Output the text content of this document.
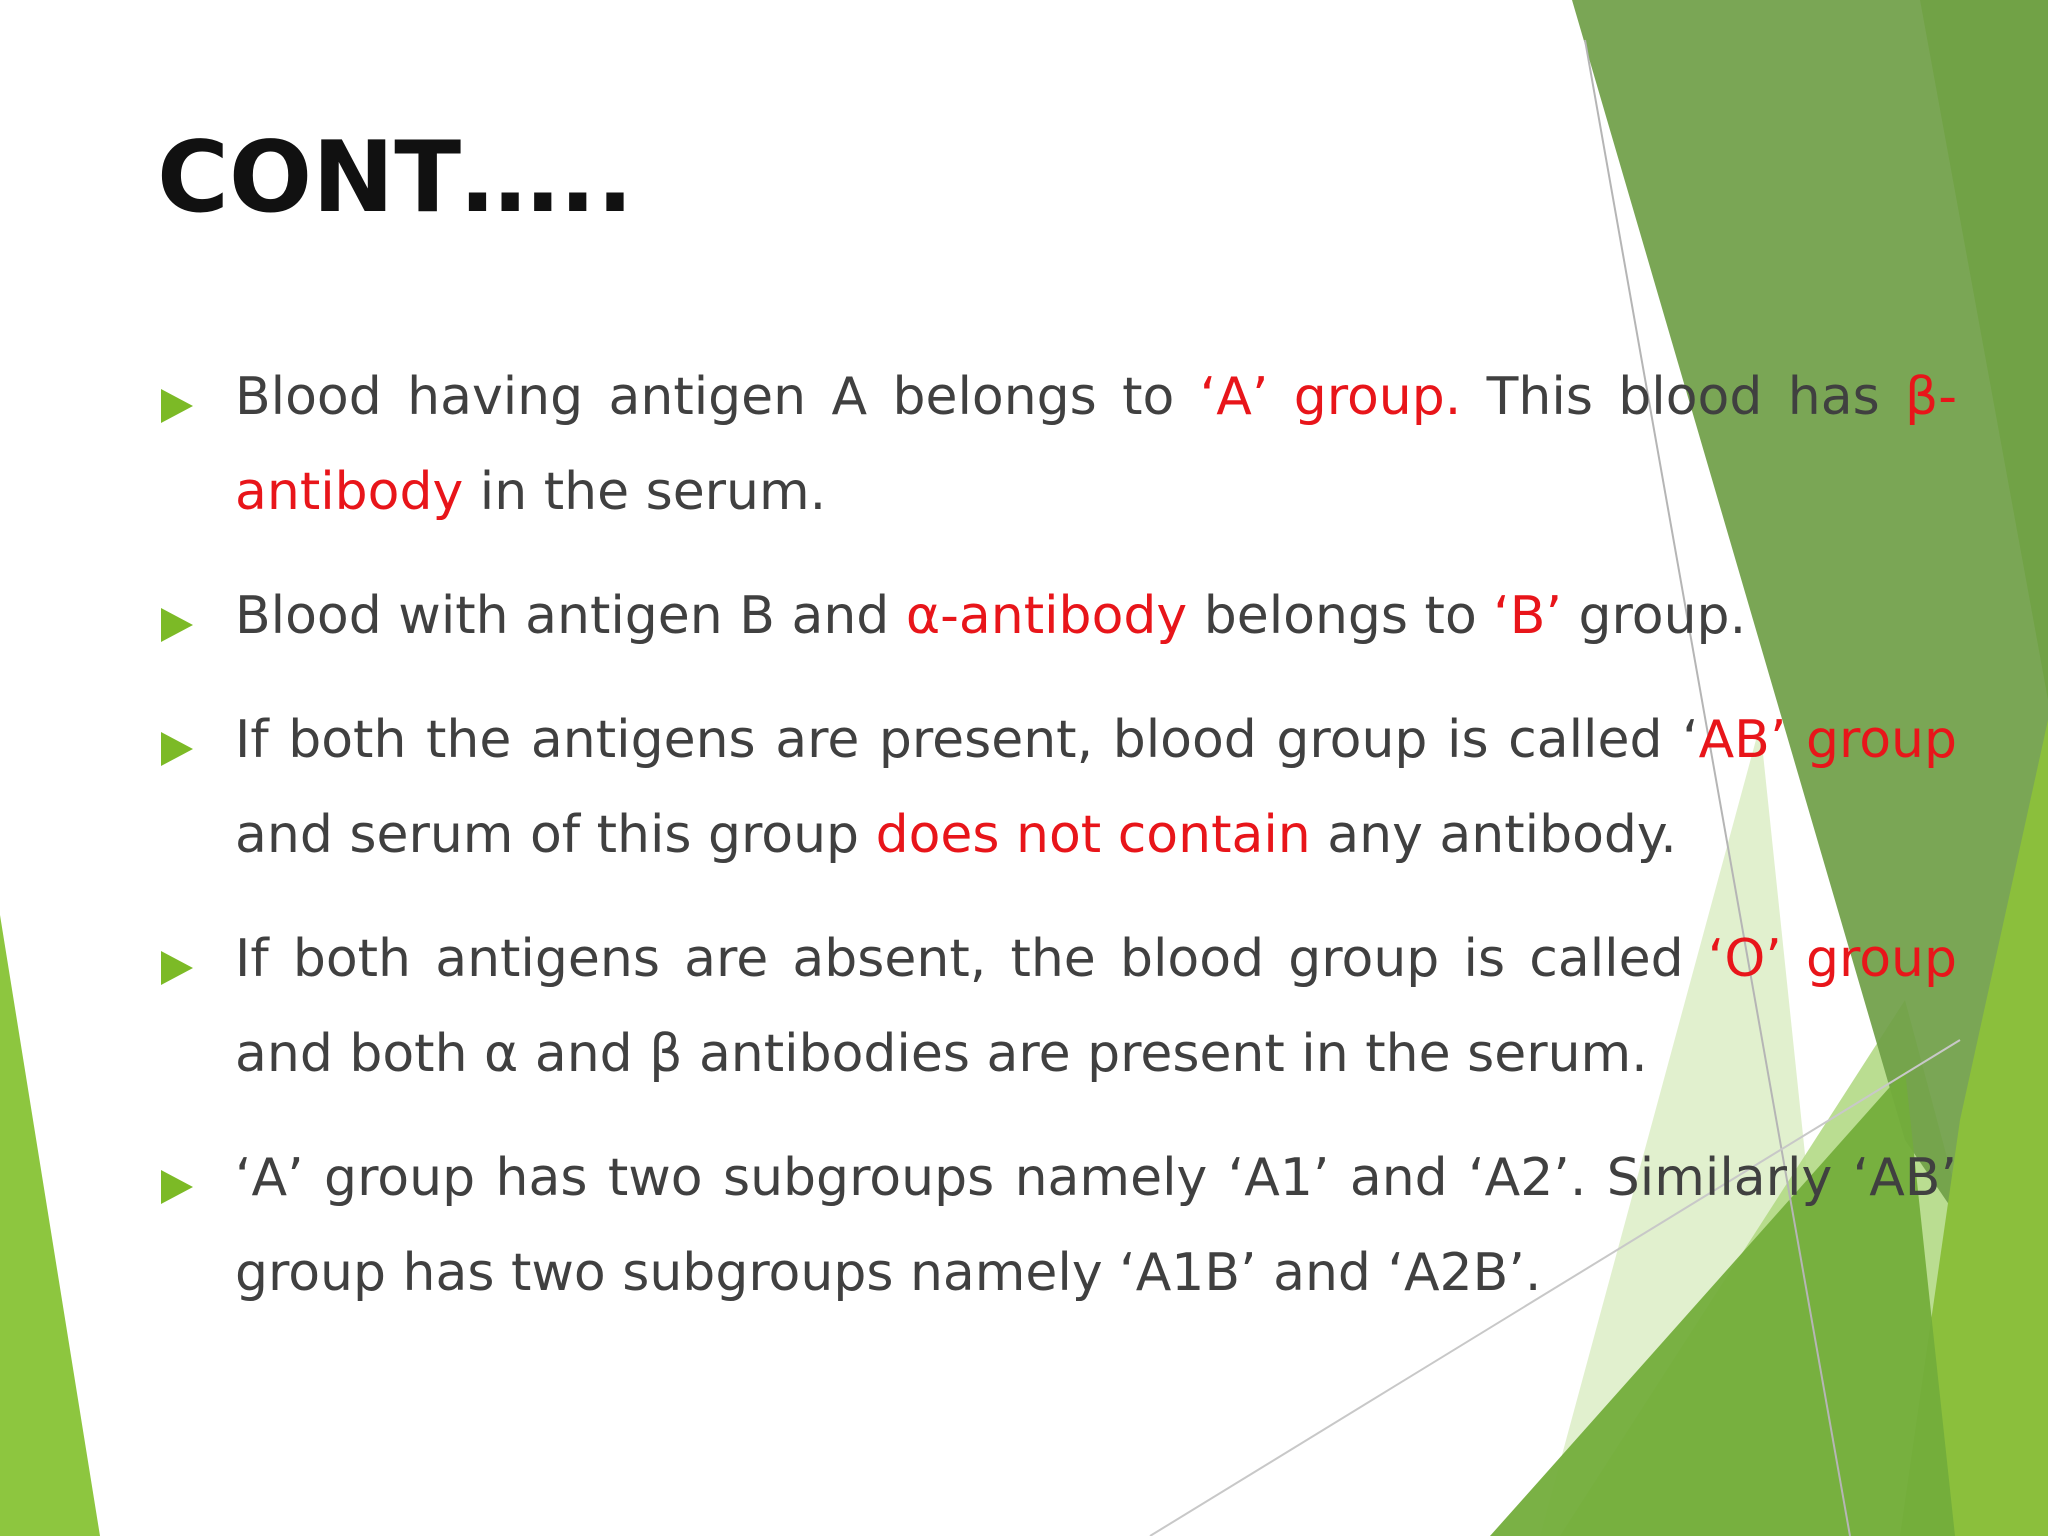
CONT…..

Blood having antigen A belongs to ‘A’ group. This blood has β-antibody in the serum.

Blood with antigen B and α-antibody belongs to ‘B’ group.

If both the antigens are present, blood group is called ‘AB’ group and serum of this group does not contain any antibody.

If both antigens are absent, the blood group is called ‘O’ group and both α and β antibodies are present in the serum.

‘A’ group has two subgroups namely ‘A1’ and ‘A2’. Similarly ‘AB’ group has two subgroups namely ‘A1B’ and ‘A2B’.
